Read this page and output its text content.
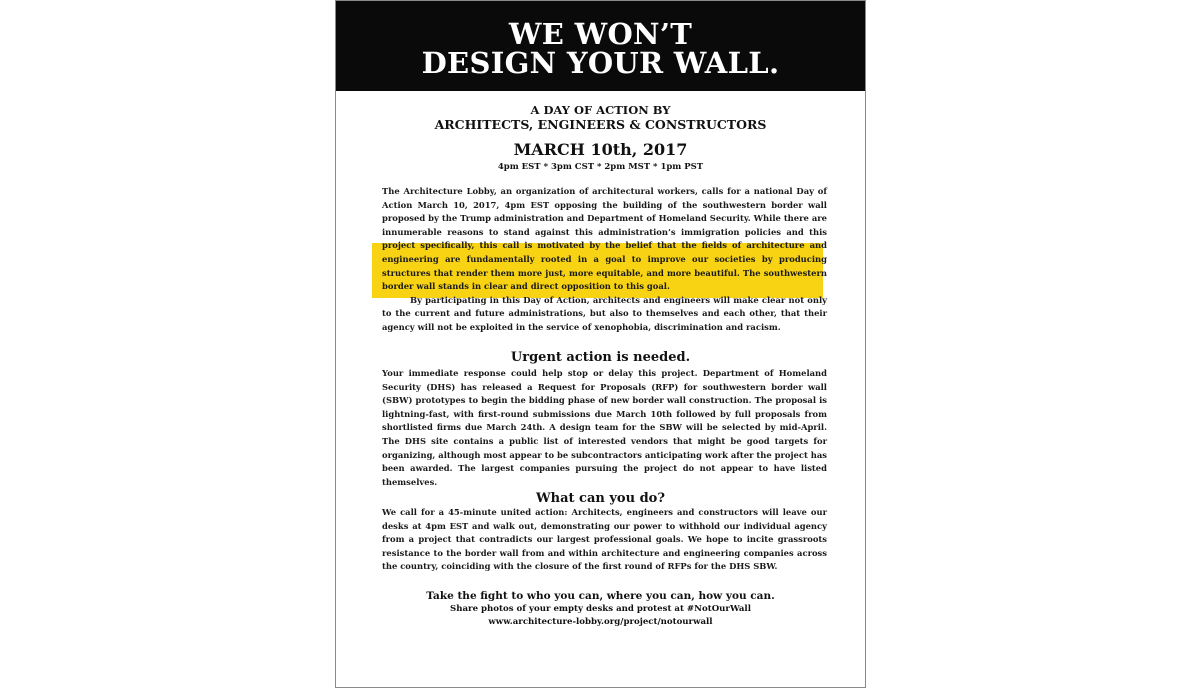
WE WON’T
DESIGN YOUR WALL.
A DAY OF ACTION BY
ARCHITECTS, ENGINEERS & CONSTRUCTORS
MARCH 10th, 2017
4pm EST * 3pm CST * 2pm MST * 1pm PST
The Architecture Lobby, an organization of architectural workers, calls for a national Day of Action March 10, 2017, 4pm EST opposing the building of the southwestern border wall proposed by the Trump administration and Department of Homeland Security. While there are innumerable reasons to stand against this administration’s immigration policies and this project specifically, this call is motivated by the belief that the fields of architecture and engineering are fundamentally rooted in a goal to improve our societies by producing structures that render them more just, more equitable, and more beautiful. The southwestern border wall stands in clear and direct opposition to this goal.
By participating in this Day of Action, architects and engineers will make clear not only to the current and future administrations, but also to themselves and each other, that their agency will not be exploited in the service of xenophobia, discrimination and racism.
Urgent action is needed.
Your immediate response could help stop or delay this project. Department of Homeland Security (DHS) has released a Request for Proposals (RFP) for southwestern border wall (SBW) prototypes to begin the bidding phase of new border wall construction. The proposal is lightning-fast, with first-round submissions due March 10th followed by full proposals from shortlisted firms due March 24th. A design team for the SBW will be selected by mid-April. The DHS site contains a public list of interested vendors that might be good targets for organizing, although most appear to be subcontractors anticipating work after the project has been awarded. The largest companies pursuing the project do not appear to have listed themselves.
What can you do?
We call for a 45-minute united action: Architects, engineers and constructors will leave our desks at 4pm EST and walk out, demonstrating our power to withhold our individual agency from a project that contradicts our largest professional goals. We hope to incite grassroots resistance to the border wall from and within architecture and engineering companies across the country, coinciding with the closure of the first round of RFPs for the DHS SBW.
Take the fight to who you can, where you can, how you can.
Share photos of your empty desks and protest at #NotOurWall
www.architecture-lobby.org/project/notourwall
